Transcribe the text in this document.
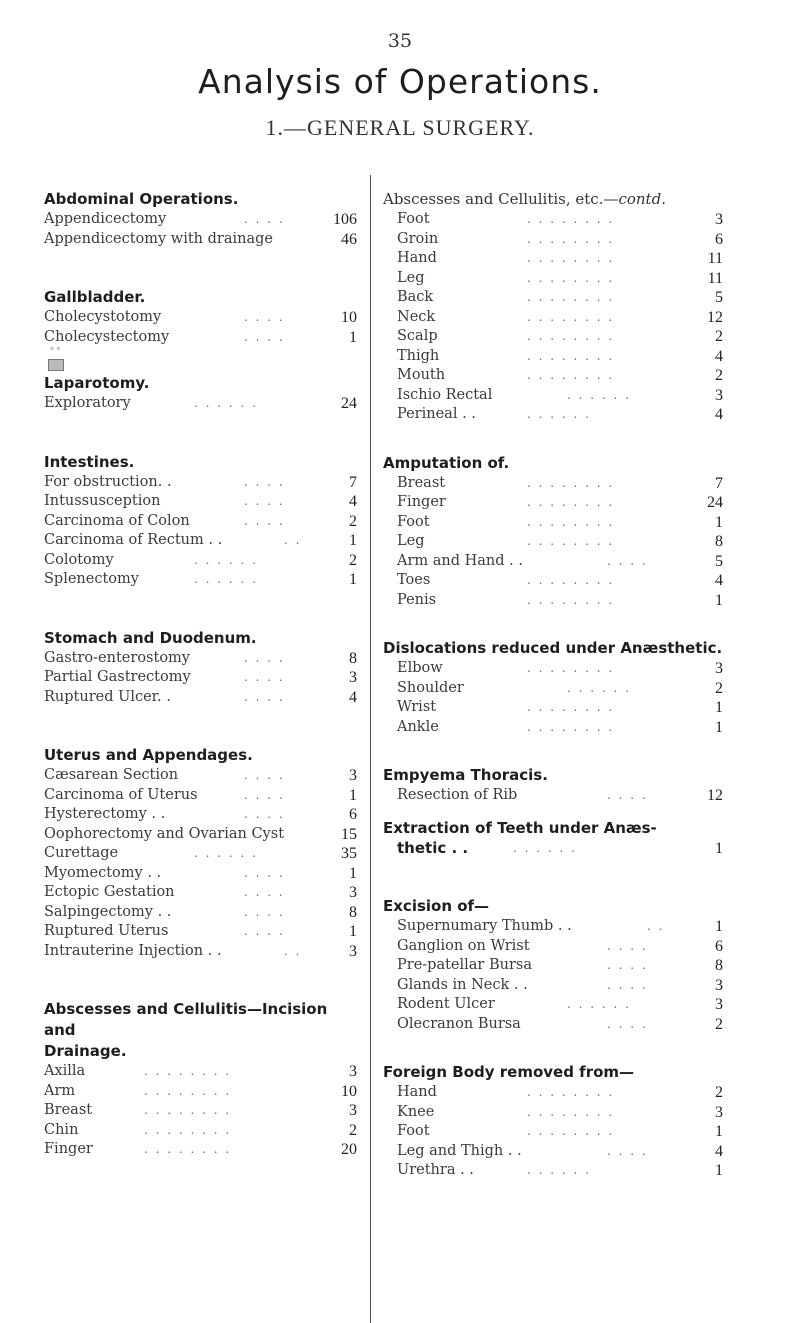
35
Analysis of Operations.
1.—GENERAL SURGERY.
Abdominal Operations.
Appendicectomy	. . . .	106
Appendicectomy with drainage	46
Gallbladder.
Cholecystotomy	. . . .	10
Cholecystectomy	. . . .	1
* *
Laparotomy.
Exploratory	. . . . . .	24
Intestines.
For obstruction. .	. . . .	7
Intussusception	. . . .	4
Carcinoma of Colon	. . . .	2
Carcinoma of Rectum . .	. .	1
Colotomy	. . . . . .	2
Splenectomy	. . . . . .	1
Stomach and Duodenum.
Gastro-enterostomy	. . . .	8
Partial Gastrectomy	. . . .	3
Ruptured Ulcer. .	. . . .	4
Uterus and Appendages.
Cæsarean Section	. . . .	3
Carcinoma of Uterus	. . . .	1
Hysterectomy . .	. . . .	6
Oophorectomy and Ovarian Cyst	15
Curettage	. . . . . .	35
Myomectomy . .	. . . .	1
Ectopic Gestation	. . . .	3
Salpingectomy . .	. . . .	8
Ruptured Uterus	. . . .	1
Intrauterine Injection . .	. .	3
Abscesses and Cellulitis—Incision and
Drainage.
Axilla	. . . . . . . .	3
Arm	. . . . . . . .	10
Breast	. . . . . . . .	3
Chin	. . . . . . . .	2
Finger	. . . . . . . .	20
Abscesses and Cellulitis, etc.—contd.
Foot	. . . . . . . .	3
Groin	. . . . . . . .	6
Hand	. . . . . . . .	11
Leg	. . . . . . . .	11
Back	. . . . . . . .	5
Neck	. . . . . . . .	12
Scalp	. . . . . . . .	2
Thigh	. . . . . . . .	4
Mouth	. . . . . . . .	2
Ischio Rectal	. . . . . .	3
Perineal . .	. . . . . .	4
Amputation of.
Breast	. . . . . . . .	7
Finger	. . . . . . . .	24
Foot	. . . . . . . .	1
Leg	. . . . . . . .	8
Arm and Hand . .	. . . .	5
Toes	. . . . . . . .	4
Penis	. . . . . . . .	1
Dislocations reduced under Anæsthetic.
Elbow	. . . . . . . .	3
Shoulder	. . . . . .	2
Wrist	. . . . . . . .	1
Ankle	. . . . . . . .	1
Empyema Thoracis.
Resection of Rib	. . . .	12
Extraction of Teeth under Anæs-
thetic . .	. . . . . .	1
Excision of—
Supernumary Thumb . .	. .	1
Ganglion on Wrist	. . . .	6
Pre-patellar Bursa	. . . .	8
Glands in Neck . .	. . . .	3
Rodent Ulcer	. . . . . .	3
Olecranon Bursa	. . . .	2
Foreign Body removed from—
Hand	. . . . . . . .	2
Knee	. . . . . . . .	3
Foot	. . . . . . . .	1
Leg and Thigh . .	. . . .	4
Urethra . .	. . . . . .	1
